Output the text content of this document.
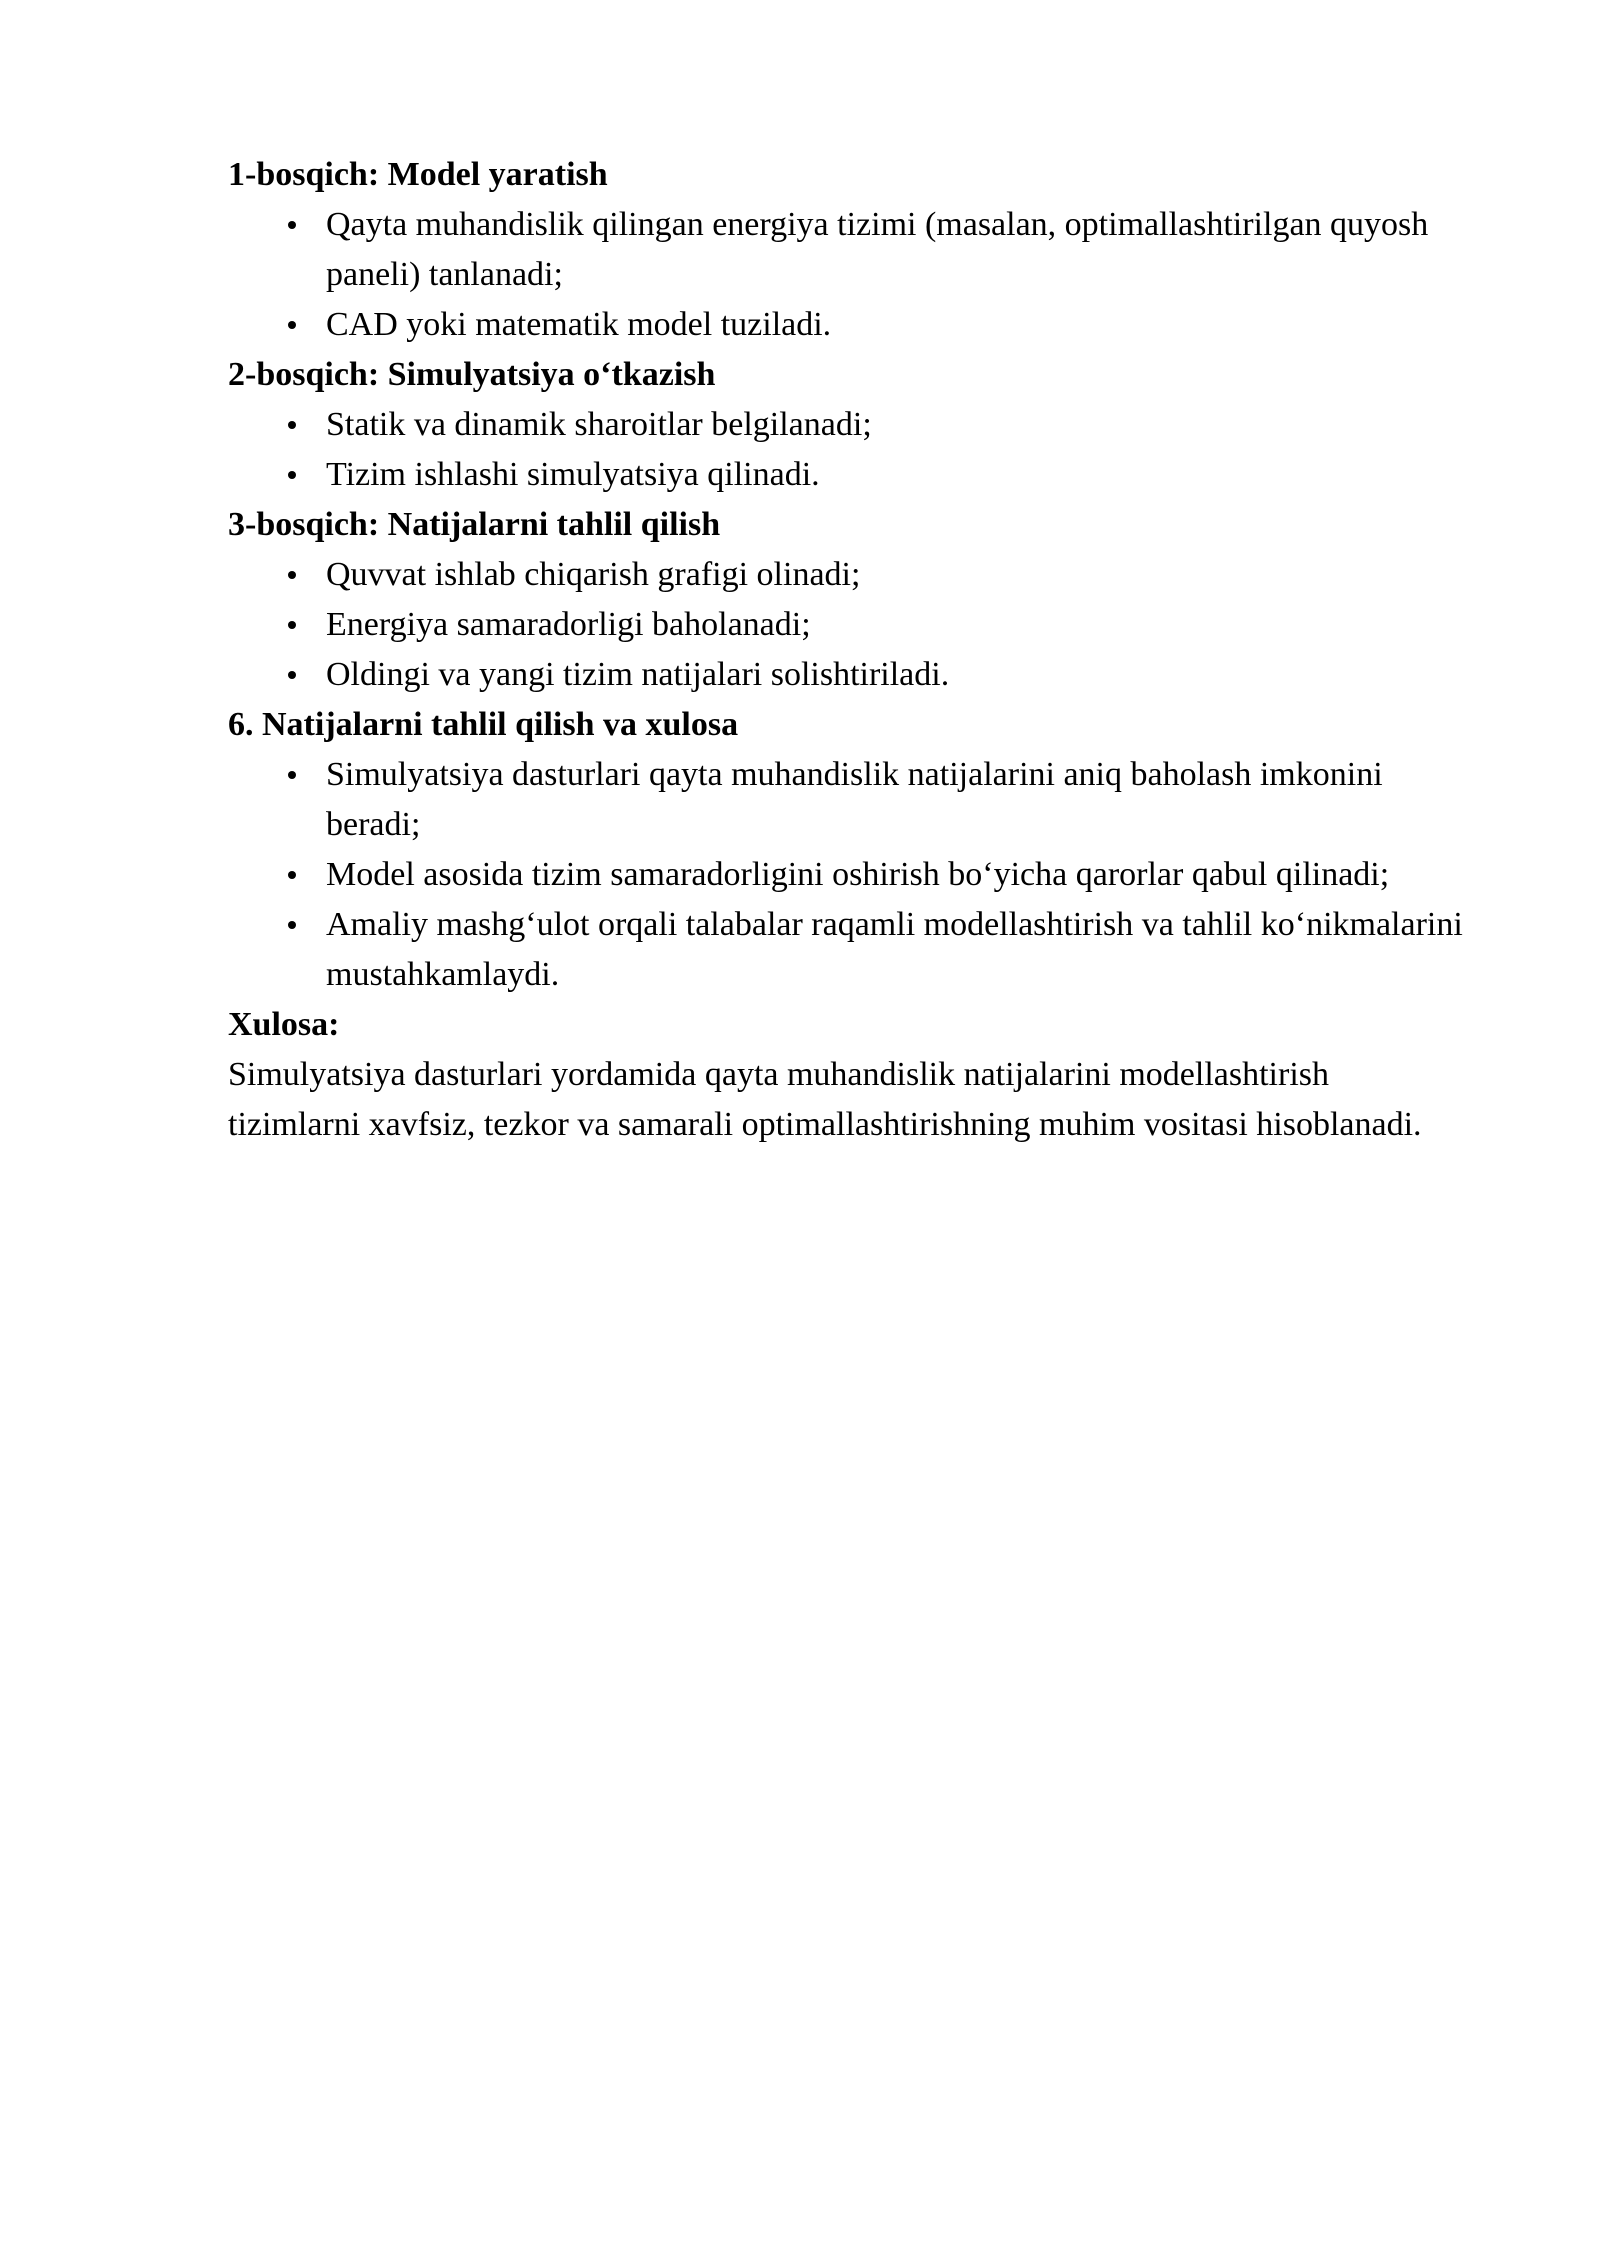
1-bosqich: Model yaratish
Qayta muhandislik qilingan energiya tizimi (masalan, optimallashtirilgan quyosh paneli) tanlanadi;
CAD yoki matematik model tuziladi.
2-bosqich: Simulyatsiya o‘tkazish
Statik va dinamik sharoitlar belgilanadi;
Tizim ishlashi simulyatsiya qilinadi.
3-bosqich: Natijalarni tahlil qilish
Quvvat ishlab chiqarish grafigi olinadi;
Energiya samaradorligi baholanadi;
Oldingi va yangi tizim natijalari solishtiriladi.
6. Natijalarni tahlil qilish va xulosa
Simulyatsiya dasturlari qayta muhandislik natijalarini aniq baholash imkonini beradi;
Model asosida tizim samaradorligini oshirish bo‘yicha qarorlar qabul qilinadi;
Amaliy mashg‘ulot orqali talabalar raqamli modellashtirish va tahlil ko‘nikmalarini mustahkamlaydi.
Xulosa:

Simulyatsiya dasturlari yordamida qayta muhandislik natijalarini modellashtirish tizimlarni xavfsiz, tezkor va samarali optimallashtirishning muhim vositasi hisoblanadi.
